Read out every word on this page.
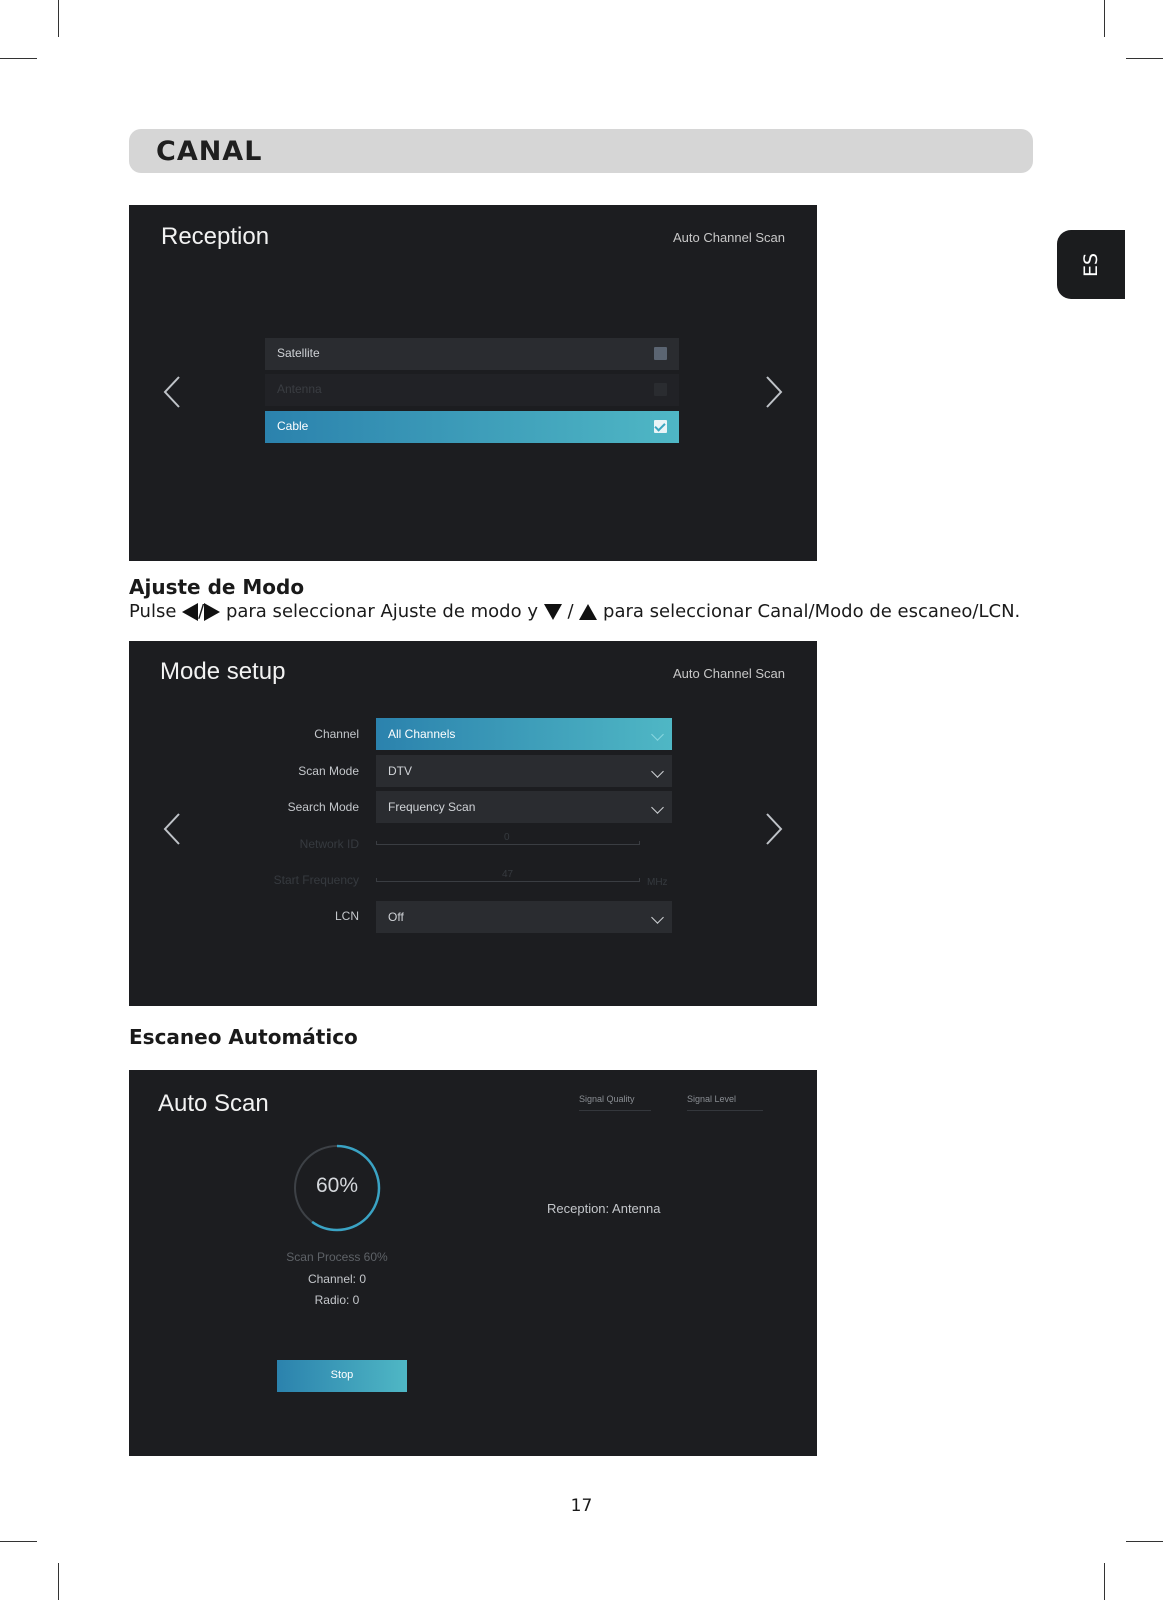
CANAL
ES
Reception	Auto Channel Scan
Satellite
Antenna
Cable
Ajuste de Modo
Pulse / para seleccionar Ajuste de modo y / para seleccionar Canal/Modo de escaneo/LCN.
Mode setup	Auto Channel Scan
Channel All Channels
Scan Mode DTV
Search Mode Frequency Scan
Network ID	0
Start Frequency	47
MHz
LCN Off
Escaneo Automático
Auto Scan	Signal Quality	Signal Level
60%
Scan Process 60%
Channel: 0
Radio: 0
Reception: Antenna
Stop
17
